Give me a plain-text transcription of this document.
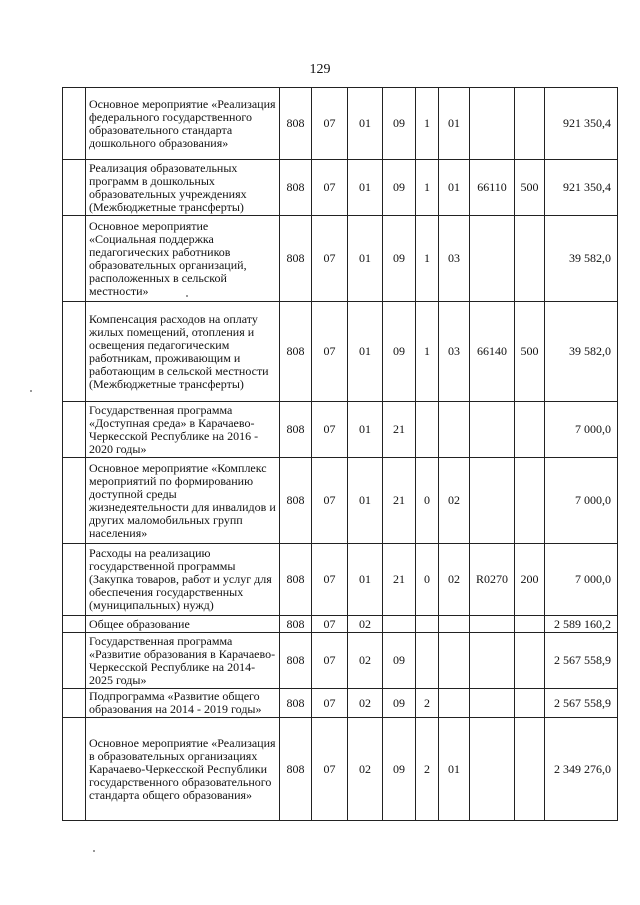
129
	Основное мероприятие «Реализация федерального государственного образовательного стандарта дошкольного образования»	808	07	01	09	1	01			921 350,4
	Реализация образовательных программ в дошкольных образовательных учреждениях (Межбюджетные трансферты)	808	07	01	09	1	01	66110	500	921 350,4
	Основное мероприятие «Социальная поддержка педагогических работников образовательных организаций, расположенных в сельской местности»	808	07	01	09	1	03			39 582,0
	Компенсация расходов на оплату жилых помещений, отопления и освещения педагогическим работникам, проживающим и работающим в сельской местности (Межбюджетные трансферты)	808	07	01	09	1	03	66140	500	39 582,0
	Государственная программа «Доступная среда» в Карачаево-Черкесской Республике на 2016 - 2020 годы»	808	07	01	21					7 000,0
	Основное мероприятие «Комплекс мероприятий по формированию доступной среды жизнедеятельности для инвалидов и других маломобильных групп населения»	808	07	01	21	0	02			7 000,0
	Расходы на реализацию государственной программы (Закупка товаров, работ и услуг для обеспечения государственных (муниципальных) нужд)	808	07	01	21	0	02	R0270	200	7 000,0
	Общее образование	808	07	02						2 589 160,2
	Государственная программа «Развитие образования в Карачаево-Черкесской Республике на 2014-2025 годы»	808	07	02	09					2 567 558,9
	Подпрограмма «Развитие общего образования на 2014 - 2019 годы»	808	07	02	09	2				2 567 558,9
	Основное мероприятие «Реализация в образовательных организациях Карачаево-Черкесской Республики государственного образовательного стандарта общего образования»	808	07	02	09	2	01			2 349 276,0
